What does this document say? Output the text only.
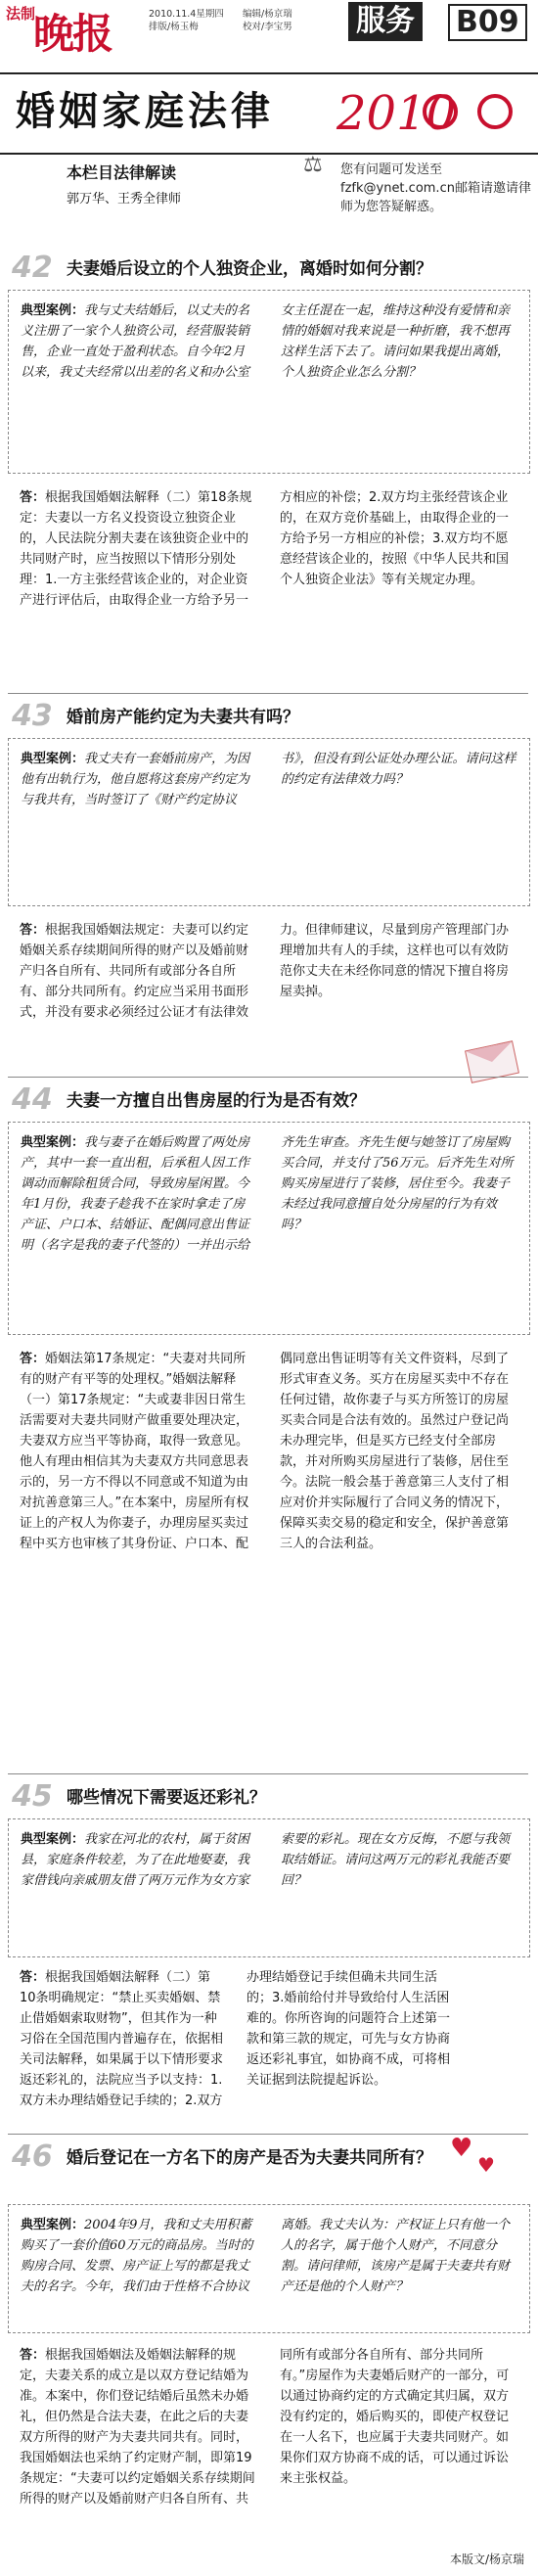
法制
晚报	2010.11.4星期四
排版/杨玉梅
编辑/杨京瑞
校对/李宝男 服务 B09
婚姻家庭法律 2010
本栏目法律解读
郭万华、王秀全律师
⚖ 您有问题可发送至fzfk@ynet.com.cn邮箱请邀请律师为您答疑解惑。
42 夫妻婚后设立的个人独资企业，离婚时如何分割？
典型案例：我与丈夫结婚后，以丈夫的名义注册了一家个人独资公司，经营服装销售，企业一直处于盈利状态。自今年2月以来，我丈夫经常以出差的名义和办公室女主任混在一起，维持这种没有爱情和亲情的婚姻对我来说是一种折磨，我不想再这样生活下去了。请问如果我提出离婚，个人独资企业怎么分割？
答：根据我国婚姻法解释（二）第18条规定：夫妻以一方名义投资设立独资企业的，人民法院分割夫妻在该独资企业中的共同财产时，应当按照以下情形分别处理：1.一方主张经营该企业的，对企业资产进行评估后，由取得企业一方给予另一方相应的补偿；2.双方均主张经营该企业的，在双方竞价基础上，由取得企业的一方给予另一方相应的补偿；3.双方均不愿意经营该企业的，按照《中华人民共和国个人独资企业法》等有关规定办理。
43 婚前房产能约定为夫妻共有吗？
典型案例：我丈夫有一套婚前房产，为因他有出轨行为，他自愿将这套房产约定为与我共有，当时签订了《财产约定协议书》，但没有到公证处办理公证。请问这样的约定有法律效力吗？
答：根据我国婚姻法规定：夫妻可以约定婚姻关系存续期间所得的财产以及婚前财产归各自所有、共同所有或部分各自所有、部分共同所有。约定应当采用书面形式，并没有要求必须经过公证才有法律效力。但律师建议，尽量到房产管理部门办理增加共有人的手续，这样也可以有效防范你丈夫在未经你同意的情况下擅自将房屋卖掉。
44 夫妻一方擅自出售房屋的行为是否有效？
典型案例：我与妻子在婚后购置了两处房产，其中一套一直出租，后承租人因工作调动而解除租赁合同，导致房屋闲置。今年1月份，我妻子趁我不在家时拿走了房产证、户口本、结婚证、配偶同意出售证明（名字是我的妻子代签的）一并出示给齐先生审查。齐先生便与她签订了房屋购买合同，并支付了56万元。后齐先生对所购买房屋进行了装修，居住至今。我妻子未经过我同意擅自处分房屋的行为有效吗？
答：婚姻法第17条规定：“夫妻对共同所有的财产有平等的处理权。”婚姻法解释（一）第17条规定：“夫或妻非因日常生活需要对夫妻共同财产做重要处理决定，夫妻双方应当平等协商，取得一致意见。他人有理由相信其为夫妻双方共同意思表示的，另一方不得以不同意或不知道为由对抗善意第三人。”在本案中，房屋所有权证上的产权人为你妻子，办理房屋买卖过程中买方也审核了其身份证、户口本、配偶同意出售证明等有关文件资料，尽到了形式审查义务。买方在房屋买卖中不存在任何过错，故你妻子与买方所签订的房屋买卖合同是合法有效的。虽然过户登记尚未办理完毕，但是买方已经支付全部房款，并对所购买房屋进行了装修，居住至今。法院一般会基于善意第三人支付了相应对价并实际履行了合同义务的情况下，保障买卖交易的稳定和安全，保护善意第三人的合法利益。
♥
♥
45 哪些情况下需要返还彩礼？
典型案例：我家在河北的农村，属于贫困县，家庭条件较差，为了在此地娶妻，我家借钱向亲戚朋友借了两万元作为女方家索要的彩礼。现在女方反悔，不愿与我领取结婚证。请问这两万元的彩礼我能否要回？
答：根据我国婚姻法解释（二）第10条明确规定：“禁止买卖婚姻、禁止借婚姻索取财物”，但其作为一种习俗在全国范围内普遍存在，依据相关司法解释，如果属于以下情形要求返还彩礼的，法院应当予以支持：1.双方未办理结婚登记手续的；2.双方办理结婚登记手续但确未共同生活的；3.婚前给付并导致给付人生活困难的。你所咨询的问题符合上述第一款和第三款的规定，可先与女方协商返还彩礼事宜，如协商不成，可将相关证据到法院提起诉讼。
46 婚后登记在一方名下的房产是否为夫妻共同所有？
典型案例：2004年9月，我和丈夫用积蓄购买了一套价值60万元的商品房。当时的购房合同、发票、房产证上写的都是我丈夫的名字。今年，我们由于性格不合协议离婚。我丈夫认为：产权证上只有他一个人的名字，属于他个人财产，不同意分割。请问律师，该房产是属于夫妻共有财产还是他的个人财产？
答：根据我国婚姻法及婚姻法解释的规定，夫妻关系的成立是以双方登记结婚为准。本案中，你们登记结婚后虽然未办婚礼，但仍然是合法夫妻，在此之后的夫妻双方所得的财产为夫妻共同共有。同时，我国婚姻法也采纳了约定财产制，即第19条规定：“夫妻可以约定婚姻关系存续期间所得的财产以及婚前财产归各自所有、共同所有或部分各自所有、部分共同所有。”房屋作为夫妻婚后财产的一部分，可以通过协商约定的方式确定其归属，双方没有约定的，婚后购买的，即使产权登记在一人名下，也应属于夫妻共同财产。如果你们双方协商不成的话，可以通过诉讼来主张权益。
本版文/杨京瑞
